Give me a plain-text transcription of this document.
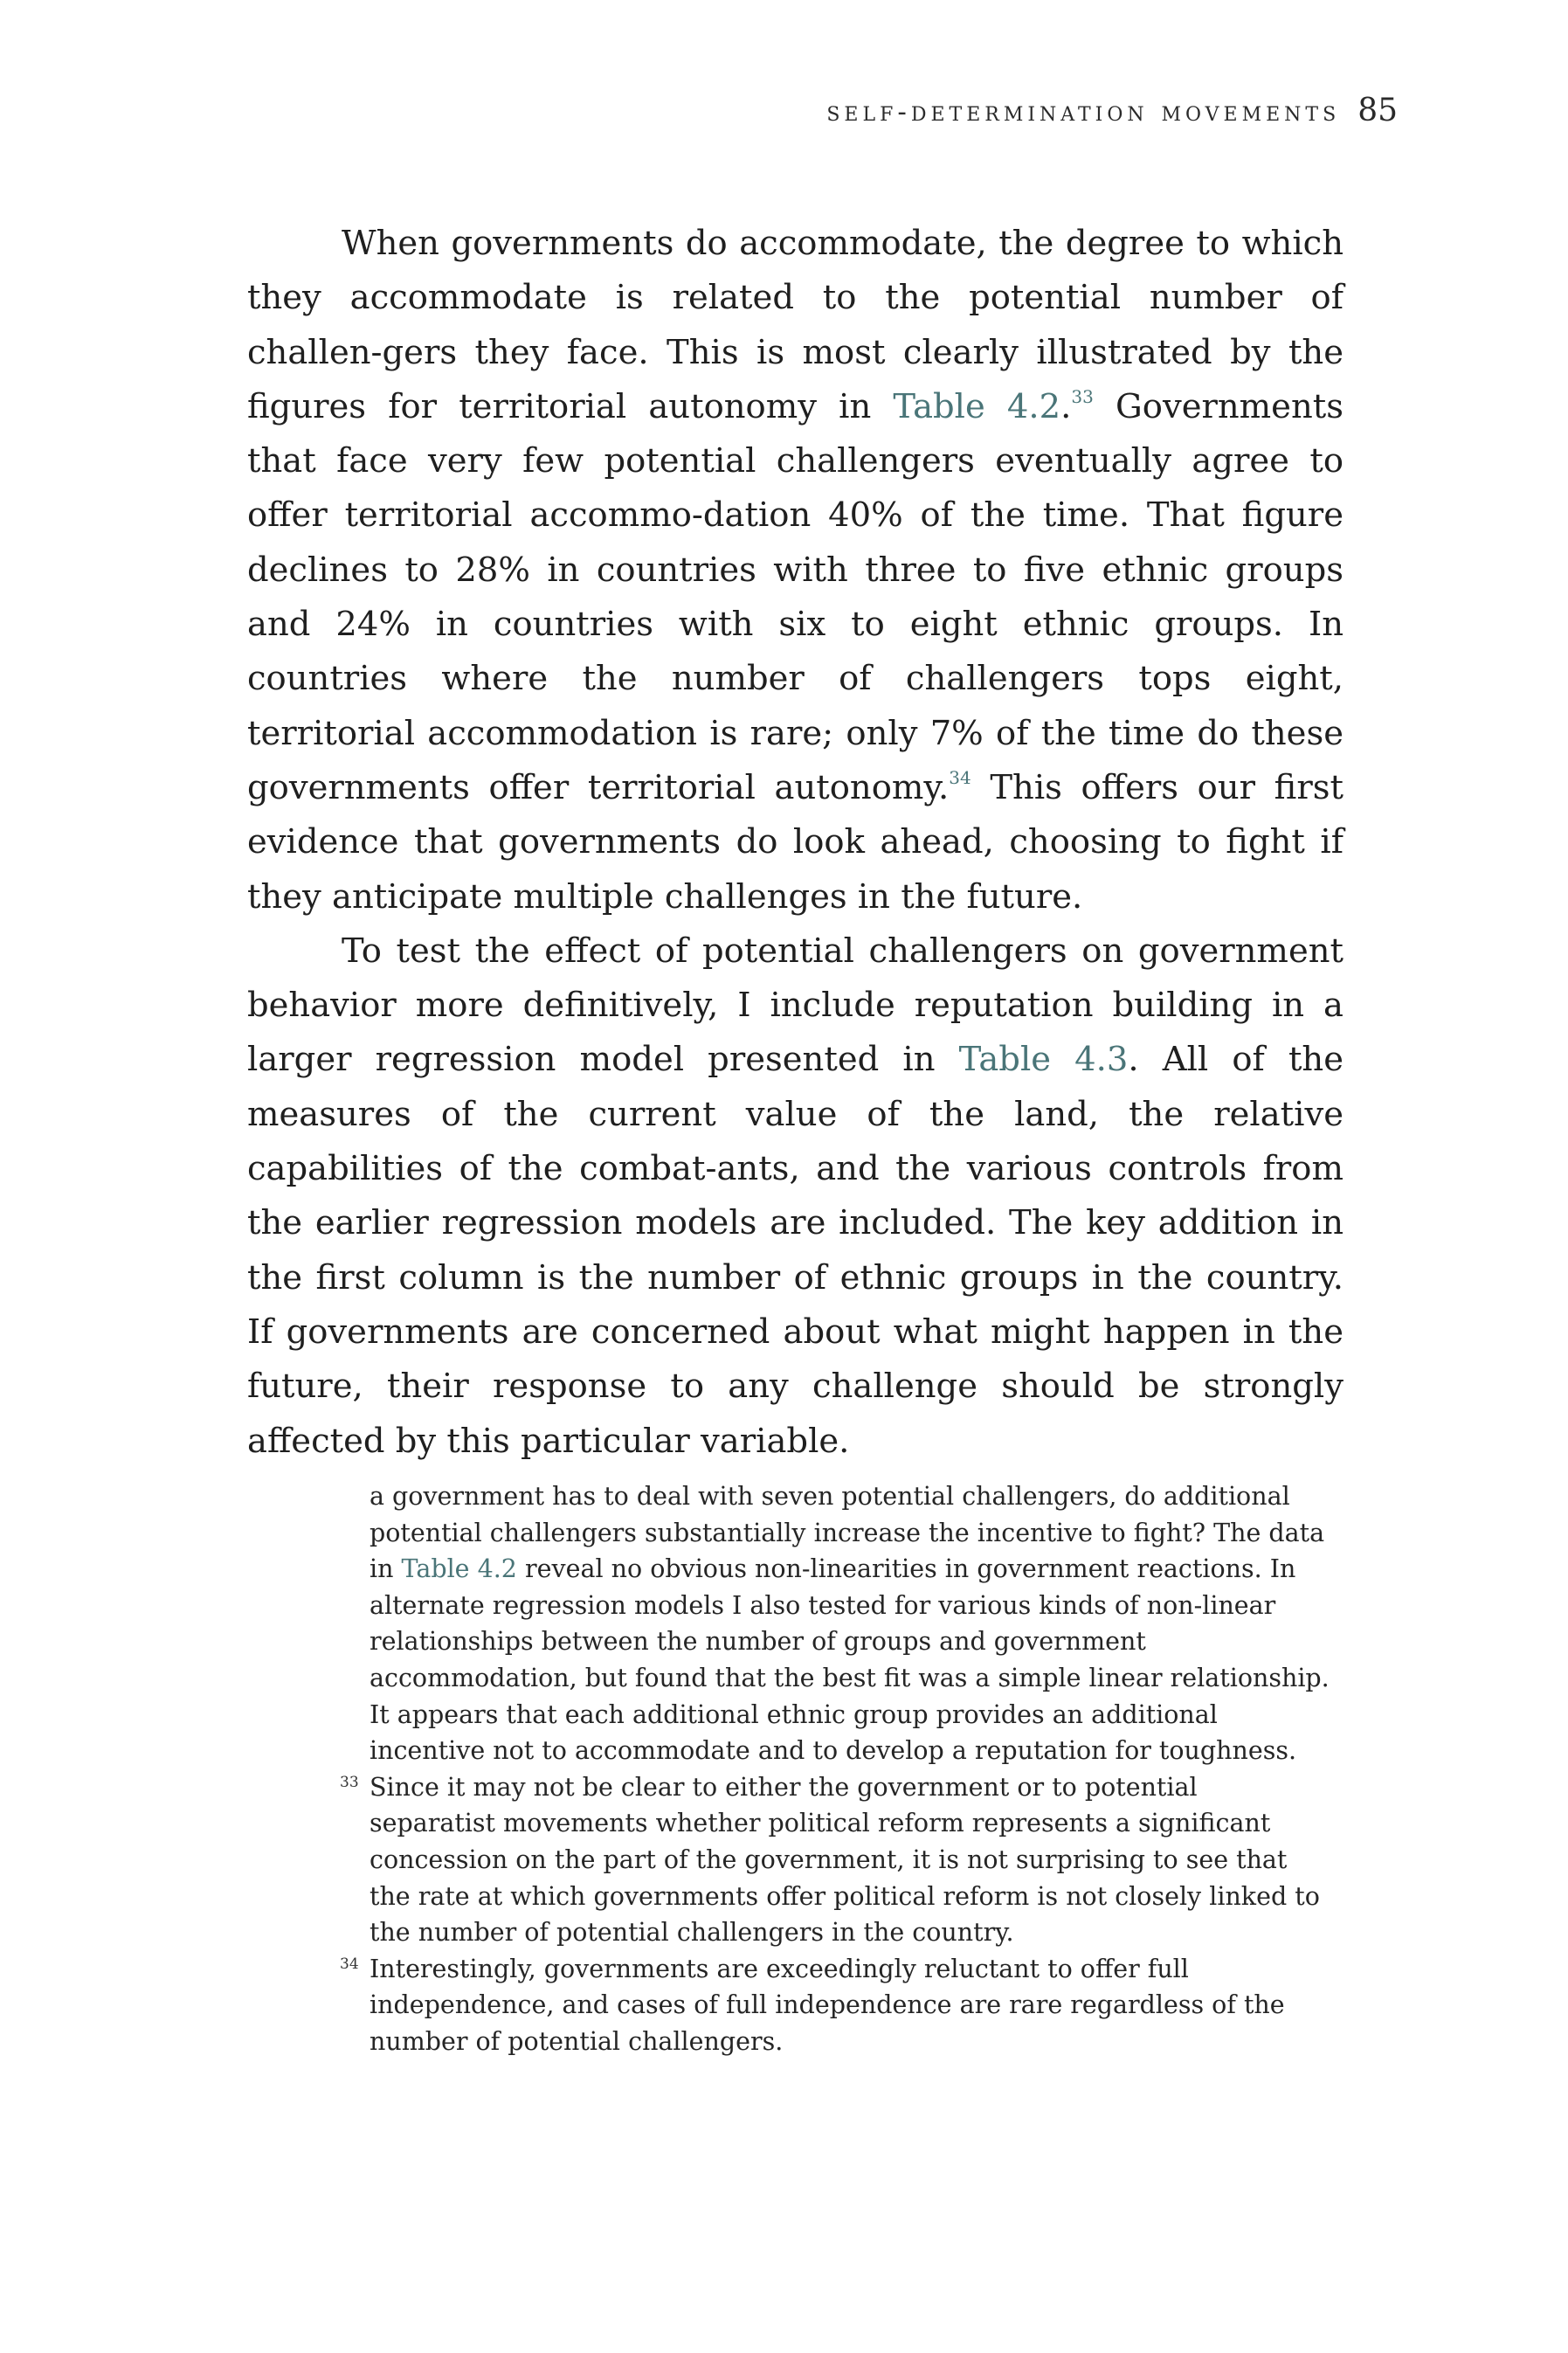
self-determination movements 85

When governments do accommodate, the degree to which they accommodate is related to the potential number of challen-gers they face. This is most clearly illustrated by the figures for territorial autonomy in Table 4.2.33 Governments that face very few potential challengers eventually agree to offer territorial accommo-dation 40% of the time. That figure declines to 28% in countries with three to five ethnic groups and 24% in countries with six to eight ethnic groups. In countries where the number of challengers tops eight, territorial accommodation is rare; only 7% of the time do these governments offer territorial autonomy.$^{34}$ This offers our first evidence that governments do look ahead, choosing to fight if they anticipate multiple challenges in the future.

To test the effect of potential challengers on government behavior more definitively, I include reputation building in a larger regression model presented in Table 4.3. All of the measures of the current value of the land, the relative capabilities of the combat-ants, and the various controls from the earlier regression models are included. The key addition in the first column is the number of ethnic groups in the country. If governments are concerned about what might happen in the future, their response to any challenge should be strongly affected by this particular variable.

a government has to deal with seven potential challengers, do additional potential challengers substantially increase the incentive to fight? The data in Table 4.2 reveal no obvious non-linearities in government reactions. In alternate regression models I also tested for various kinds of non-linear relationships between the number of groups and government accommodation, but found that the best fit was a simple linear relationship. It appears that each additional ethnic group provides an additional incentive not to accommodate and to develop a reputation for toughness.

33 Since it may not be clear to either the government or to potential separatist movements whether political reform represents a significant concession on the part of the government, it is not surprising to see that the rate at which governments offer political reform is not closely linked to the number of potential challengers in the country.

34 Interestingly, governments are exceedingly reluctant to offer full independence, and cases of full independence are rare regardless of the number of potential challengers.
